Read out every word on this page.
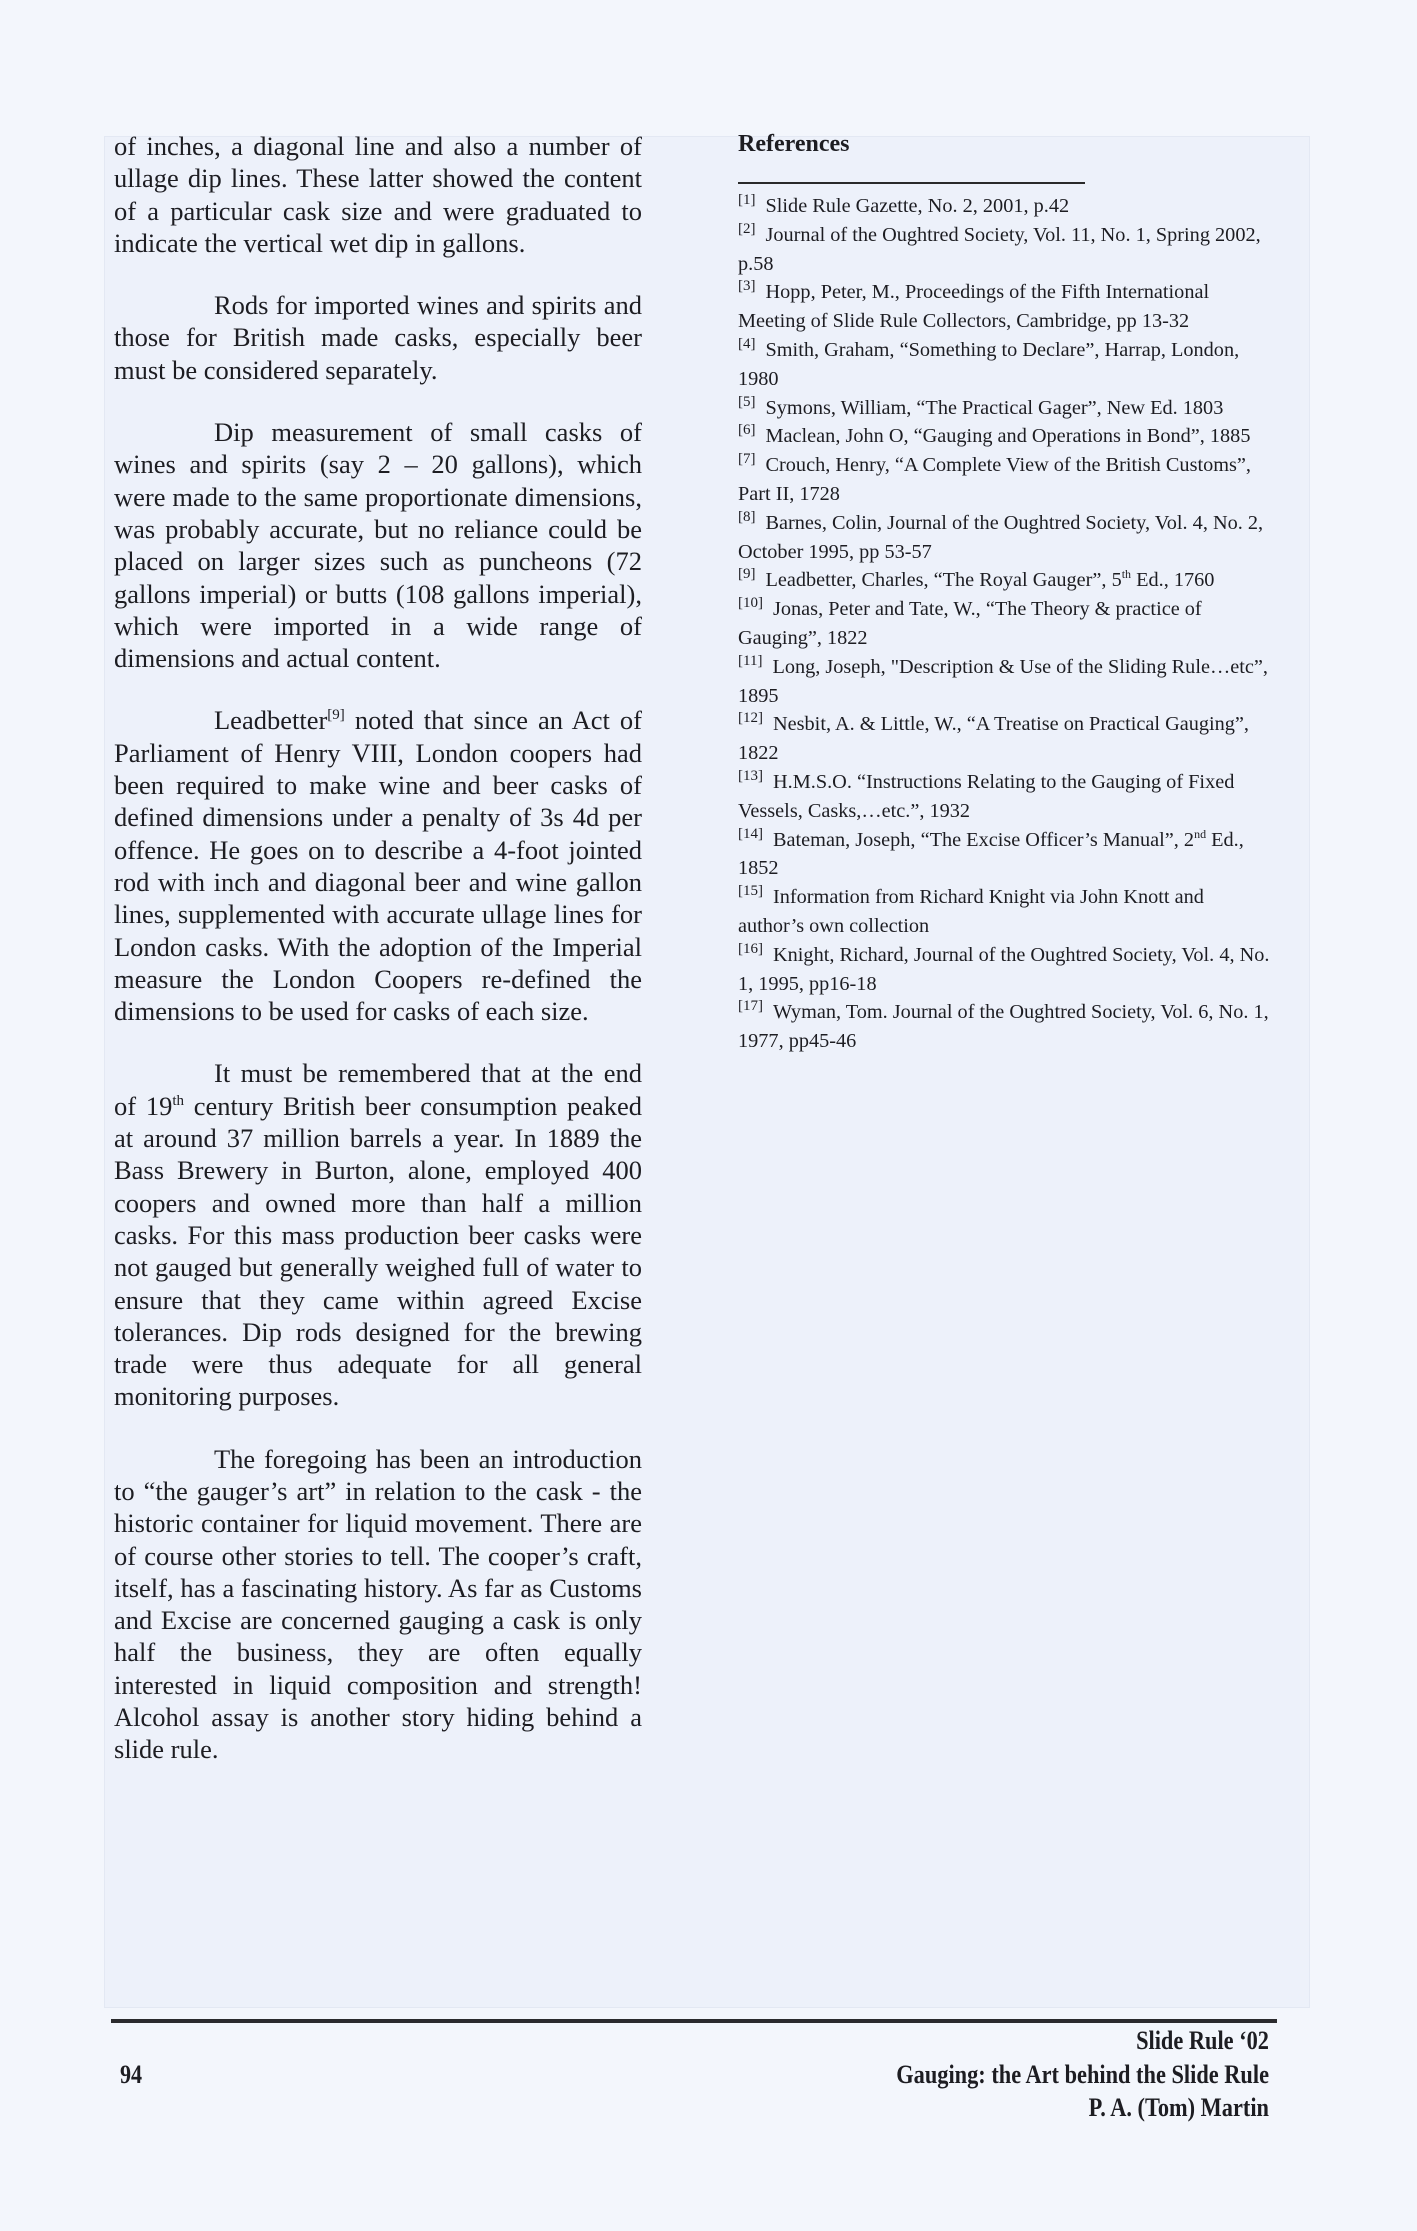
of inches, a diagonal line and also a number of ullage dip lines. These latter showed the content of a particular cask size and were graduated to indicate the vertical wet dip in gallons.

Rods for imported wines and spirits and those for British made casks, especially beer must be considered separately.

Dip measurement of small casks of wines and spirits (say 2 – 20 gallons), which were made to the same proportionate dimensions, was probably accurate, but no reliance could be placed on larger sizes such as puncheons (72 gallons imperial) or butts (108 gallons imperial), which were imported in a wide range of dimensions and actual content.

Leadbetter[9] noted that since an Act of Parliament of Henry VIII, London coopers had been required to make wine and beer casks of defined dimensions under a penalty of 3s 4d per offence. He goes on to describe a 4-foot jointed rod with inch and diagonal beer and wine gallon lines, supplemented with accurate ullage lines for London casks. With the adoption of the Imperial measure the London Coopers re-defined the dimensions to be used for casks of each size.

It must be remembered that at the end of 19th century British beer consumption peaked at around 37 million barrels a year. In 1889 the Bass Brewery in Burton, alone, employed 400 coopers and owned more than half a million casks. For this mass production beer casks were not gauged but generally weighed full of water to ensure that they came within agreed Excise tolerances. Dip rods designed for the brewing trade were thus adequate for all general monitoring purposes.

The foregoing has been an introduction to “the gauger’s art” in relation to the cask - the historic container for liquid movement. There are of course other stories to tell. The cooper’s craft, itself, has a fascinating history. As far as Customs and Excise are concerned gauging a cask is only half the business, they are often equally interested in liquid composition and strength! Alcohol assay is another story hiding behind a slide rule.

References

[1] Slide Rule Gazette, No. 2, 2001, p.42

[2] Journal of the Oughtred Society, Vol. 11, No. 1, Spring 2002, p.58

[3] Hopp, Peter, M., Proceedings of the Fifth International Meeting of Slide Rule Collectors, Cambridge, pp 13-32

[4] Smith, Graham, “Something to Declare”, Harrap, London, 1980

[5] Symons, William, “The Practical Gager”, New Ed. 1803

[6] Maclean, John O, “Gauging and Operations in Bond”, 1885

[7] Crouch, Henry, “A Complete View of the British Customs”, Part II, 1728

[8] Barnes, Colin, Journal of the Oughtred Society, Vol. 4, No. 2, October 1995, pp 53-57

[9] Leadbetter, Charles, “The Royal Gauger”, 5th Ed., 1760

[10] Jonas, Peter and Tate, W., “The Theory & practice of Gauging”, 1822

[11] Long, Joseph, "Description & Use of the Sliding Rule…etc”, 1895

[12] Nesbit, A. & Little, W., “A Treatise on Practical Gauging”, 1822

[13] H.M.S.O. “Instructions Relating to the Gauging of Fixed Vessels, Casks,…etc.”, 1932

[14] Bateman, Joseph, “The Excise Officer’s Manual”, 2nd Ed., 1852

[15] Information from Richard Knight via John Knott and author’s own collection

[16] Knight, Richard, Journal of the Oughtred Society, Vol. 4, No. 1, 1995, pp16-18

[17] Wyman, Tom. Journal of the Oughtred Society, Vol. 6, No. 1, 1977, pp45-46

94
Slide Rule ‘02
Gauging: the Art behind the Slide Rule
P. A. (Tom) Martin
